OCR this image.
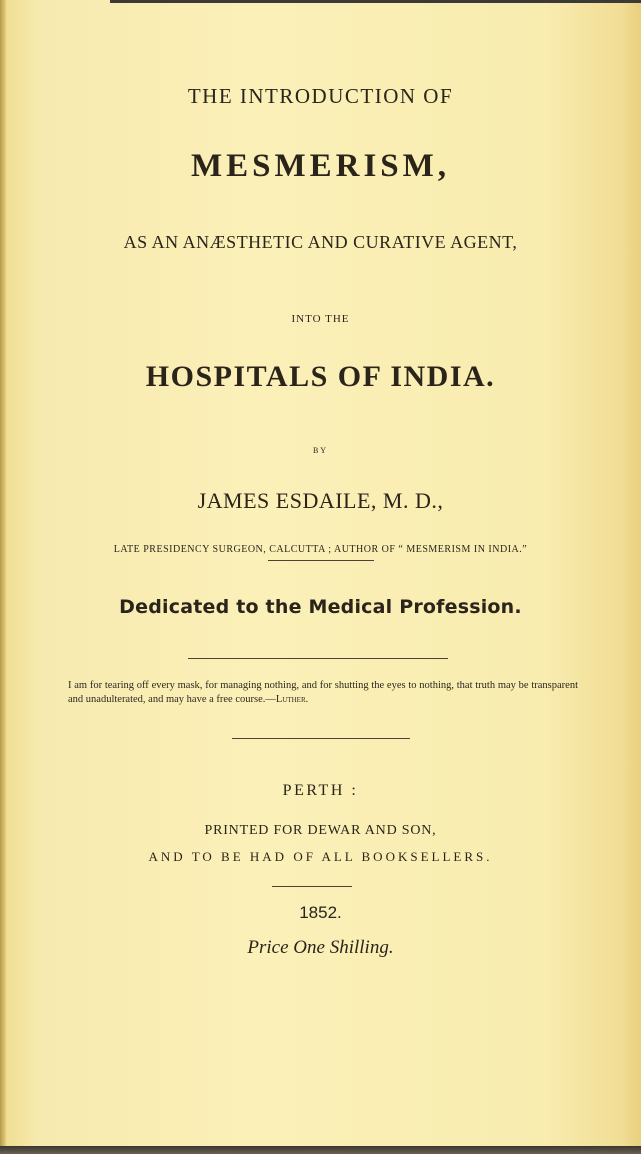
THE INTRODUCTION OF
MESMERISM,
AS AN ANÆSTHETIC AND CURATIVE AGENT,
INTO THE
HOSPITALS OF INDIA.
BY
JAMES ESDAILE, M. D.,
LATE PRESIDENCY SURGEON, CALCUTTA ; AUTHOR OF “ MESMERISM IN INDIA.”
Dedicated to the Medical Profession.
I am for tearing off every mask, for managing nothing, and for shutting the eyes to nothing, that truth may be transparent and unadulterated, and may have a free course.—Luther.
PERTH :
PRINTED FOR DEWAR AND SON,
AND TO BE HAD OF ALL BOOKSELLERS.
1852.
Price One Shilling.
